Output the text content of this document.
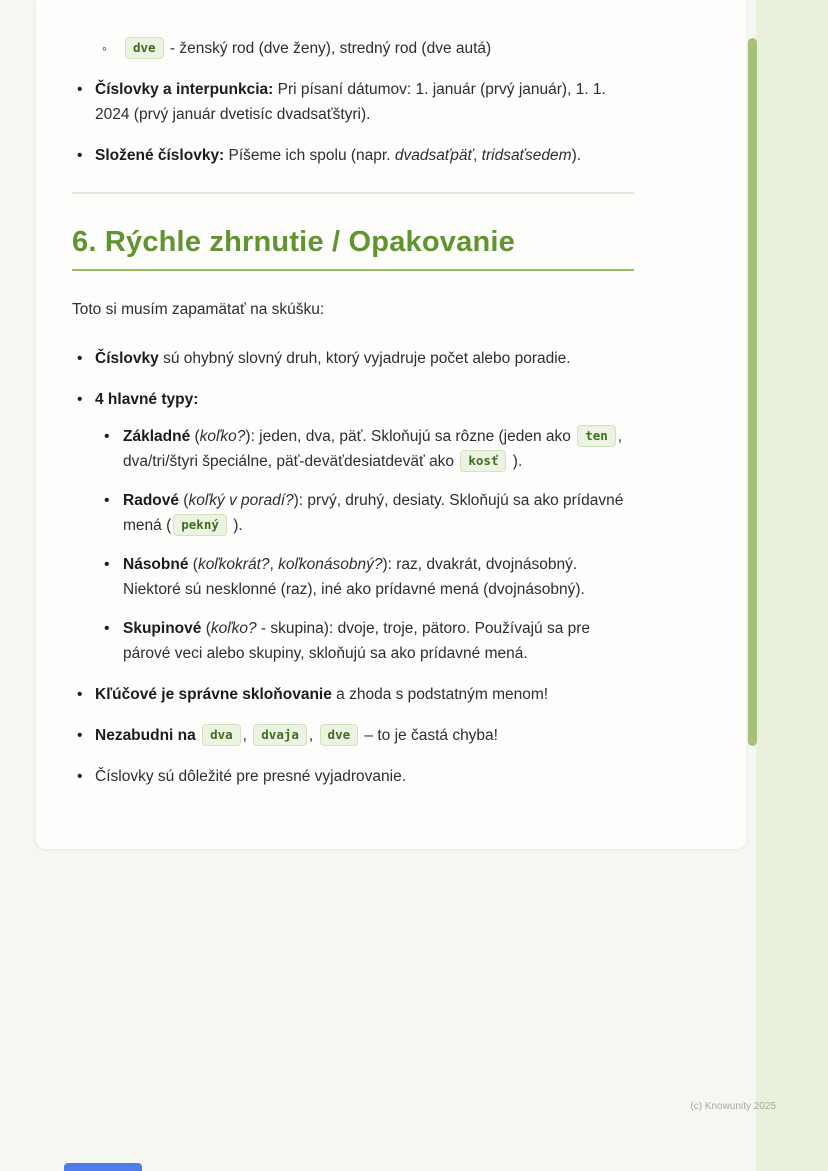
◦ dve - ženský rod (dve ženy), stredný rod (dve autá)
• Číslovky a interpunkcia: Pri písaní dátumov: 1. január (prvý január), 1. 1. 2024 (prvý január dvetisíc dvadsaťštyri).
• Složené číslovky: Píšeme ich spolu (napr. dvadsaťpäť, tridsaťsedem).
6. Rýchle zhrnutie / Opakovanie

Toto si musím zapamätať na skúšku:

• Číslovky sú ohybný slovný druh, ktorý vyjadruje počet alebo poradie.
• 4 hlavné typy:
• Základné (koľko?): jeden, dva, päť. Skloňujú sa rôzne (jeden ako ten , dva/tri/štyri špeciálne, päť-deväťdesiatdeväť ako kosť ).
• Radové (koľký v poradí?): prvý, druhý, desiaty. Skloňujú sa ako prídavné mená ( pekný ).
• Násobné (koľkokrát?, koľkonásobný?): raz, dvakrát, dvojnásobný. Niektoré sú nesklonné (raz), iné ako prídavné mená (dvojnásobný).
• Skupinové (koľko? - skupina): dvoje, troje, pätoro. Používajú sa pre párové veci alebo skupiny, skloňujú sa ako prídavné mená.
• Kľúčové je správne skloňovanie a zhoda s podstatným menom!
• Nezabudni na dva , dvaja , dve – to je častá chyba!
• Číslovky sú dôležité pre presné vyjadrovanie.
(c) Knowunity 2025
